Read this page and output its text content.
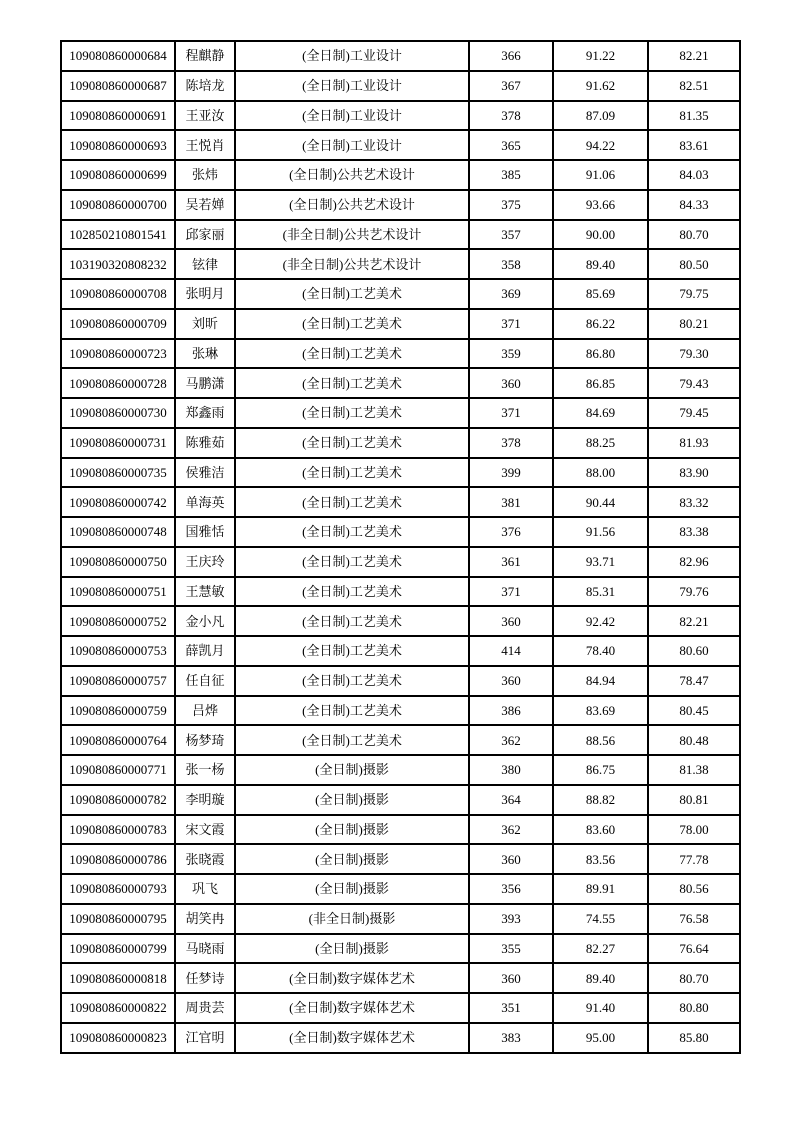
109080860000684	程麒静	(全日制)工业设计	366	91.22	82.21
109080860000687	陈培龙	(全日制)工业设计	367	91.62	82.51
109080860000691	王亚汝	(全日制)工业设计	378	87.09	81.35
109080860000693	王悦肖	(全日制)工业设计	365	94.22	83.61
109080860000699	张炜	(全日制)公共艺术设计	385	91.06	84.03
109080860000700	吴若婵	(全日制)公共艺术设计	375	93.66	84.33
102850210801541	邱家丽	(非全日制)公共艺术设计	357	90.00	80.70
103190320808232	铉律	(非全日制)公共艺术设计	358	89.40	80.50
109080860000708	张明月	(全日制)工艺美术	369	85.69	79.75
109080860000709	刘昕	(全日制)工艺美术	371	86.22	80.21
109080860000723	张琳	(全日制)工艺美术	359	86.80	79.30
109080860000728	马鹏潇	(全日制)工艺美术	360	86.85	79.43
109080860000730	郑鑫雨	(全日制)工艺美术	371	84.69	79.45
109080860000731	陈雅茹	(全日制)工艺美术	378	88.25	81.93
109080860000735	侯雅洁	(全日制)工艺美术	399	88.00	83.90
109080860000742	单海英	(全日制)工艺美术	381	90.44	83.32
109080860000748	国雅恬	(全日制)工艺美术	376	91.56	83.38
109080860000750	王庆玲	(全日制)工艺美术	361	93.71	82.96
109080860000751	王慧敏	(全日制)工艺美术	371	85.31	79.76
109080860000752	金小凡	(全日制)工艺美术	360	92.42	82.21
109080860000753	薛凯月	(全日制)工艺美术	414	78.40	80.60
109080860000757	任自征	(全日制)工艺美术	360	84.94	78.47
109080860000759	吕烨	(全日制)工艺美术	386	83.69	80.45
109080860000764	杨梦琦	(全日制)工艺美术	362	88.56	80.48
109080860000771	张一杨	(全日制)摄影	380	86.75	81.38
109080860000782	李明璇	(全日制)摄影	364	88.82	80.81
109080860000783	宋文霞	(全日制)摄影	362	83.60	78.00
109080860000786	张晓霞	(全日制)摄影	360	83.56	77.78
109080860000793	巩飞	(全日制)摄影	356	89.91	80.56
109080860000795	胡笑冉	(非全日制)摄影	393	74.55	76.58
109080860000799	马晓雨	(全日制)摄影	355	82.27	76.64
109080860000818	任梦诗	(全日制)数字媒体艺术	360	89.40	80.70
109080860000822	周贵芸	(全日制)数字媒体艺术	351	91.40	80.80
109080860000823	江官明	(全日制)数字媒体艺术	383	95.00	85.80
